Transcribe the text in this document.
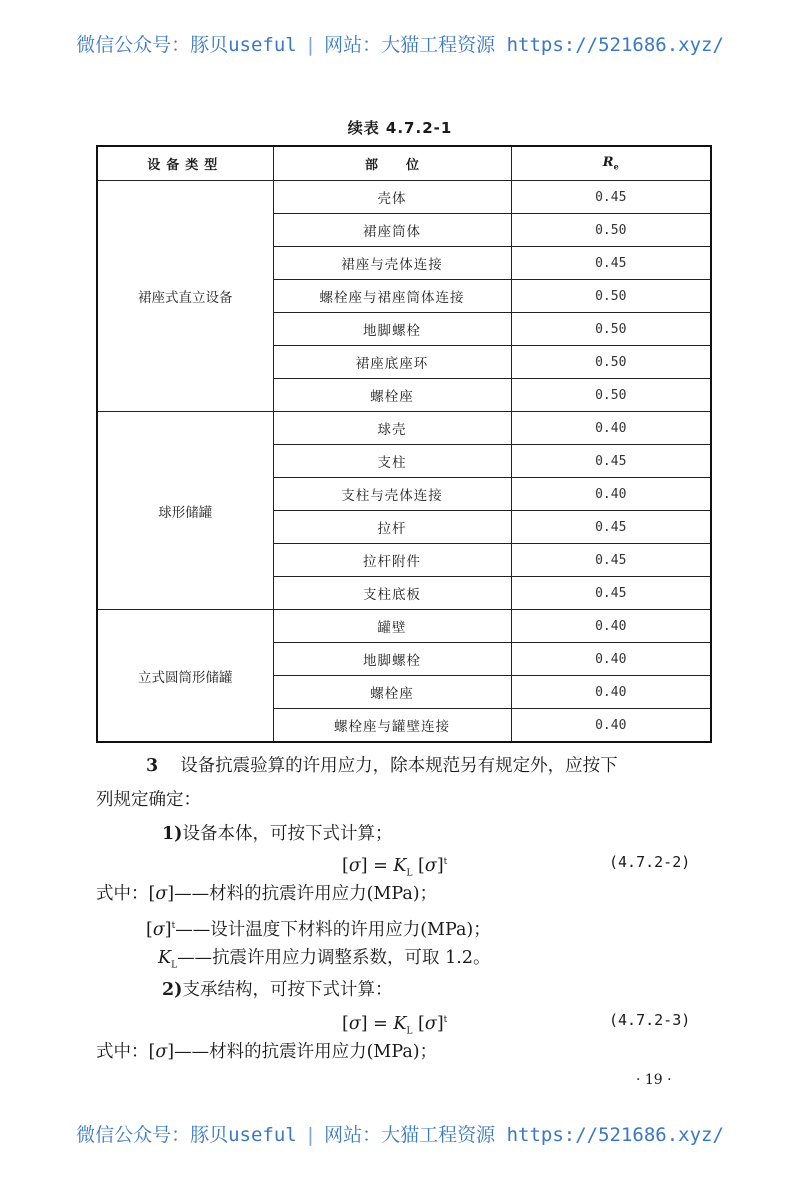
微信公众号：豚贝useful | 网站：大猫工程资源 https://521686.xyz/
续表 4.7.2-1
设备类型	部位	$R_e$
裙座式直立设备	壳体	0.45
	裙座筒体	0.50
	裙座与壳体连接	0.45
	螺栓座与裙座筒体连接	0.50
	地脚螺栓	0.50
	裙座底座环	0.50
	螺栓座	0.50
球形储罐	球壳	0.40
	支柱	0.45
	支柱与壳体连接	0.40
	拉杆	0.45
	拉杆附件	0.45
	支柱底板	0.45
立式圆筒形储罐	罐壁	0.40
	地脚螺栓	0.40
	螺栓座	0.40
	螺栓座与罐壁连接	0.40
3 设备抗震验算的许用应力，除本规范另有规定外，应按下
列规定确定：
1)设备本体，可按下式计算；
$[\sigma] = K_L$ $[\sigma]^t$	(4.7.2-2)
式中：[σ]——材料的抗震许用应力(MPa)；
$[\sigma]^t——$设计温度下材料的许用应力(MPa)；
$K_L——$抗震许用应力调整系数，可取 1.2。
2)支承结构，可按下式计算：
$[\sigma] = K_L$ $[\sigma]^t$	(4.7.2-3)
式中：[σ]——材料的抗震许用应力(MPa)；
· 19 ·
微信公众号：豚贝useful | 网站：大猫工程资源 https://521686.xyz/
